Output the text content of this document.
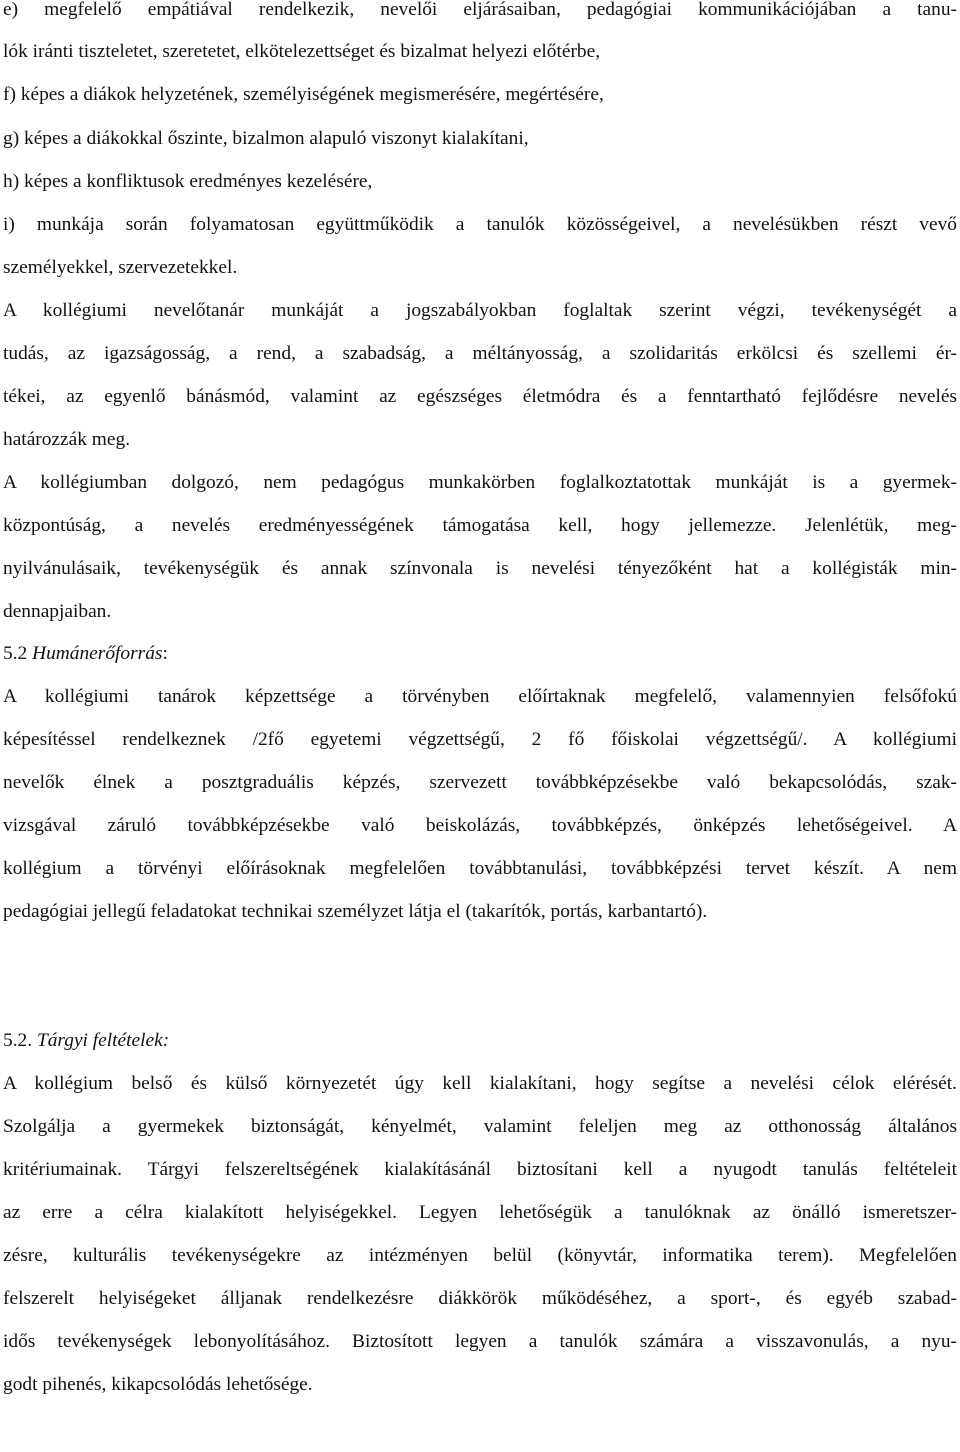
e) megfelelő empátiával rendelkezik, nevelői eljárásaiban, pedagógiai kommunikációjában a tanu-

lók iránti tiszteletet, szeretetet, elkötelezettséget és bizalmat helyezi előtérbe,

f) képes a diákok helyzetének, személyiségének megismerésére, megértésére,

g) képes a diákokkal őszinte, bizalmon alapuló viszonyt kialakítani,

h) képes a konfliktusok eredményes kezelésére,

i) munkája során folyamatosan együttműködik a tanulók közösségeivel, a nevelésükben részt vevő

személyekkel, szervezetekkel.

A kollégiumi nevelőtanár munkáját a jogszabályokban foglaltak szerint végzi, tevékenységét a

tudás, az igazságosság, a rend, a szabadság, a méltányosság, a szolidaritás erkölcsi és szellemi ér-

tékei, az egyenlő bánásmód, valamint az egészséges életmódra és a fenntartható fejlődésre nevelés

határozzák meg.

A kollégiumban dolgozó, nem pedagógus munkakörben foglalkoztatottak munkáját is a gyermek-

központúság, a nevelés eredményességének támogatása kell, hogy jellemezze. Jelenlétük, meg-

nyilvánulásaik, tevékenységük és annak színvonala is nevelési tényezőként hat a kollégisták min-

dennapjaiban.

5.2 Humánerőforrás:

A kollégiumi tanárok képzettsége a törvényben előírtaknak megfelelő, valamennyien felsőfokú

képesítéssel rendelkeznek /2fő egyetemi végzettségű, 2 fő főiskolai végzettségű/. A kollégiumi

nevelők élnek a posztgraduális képzés, szervezett továbbképzésekbe való bekapcsolódás, szak-

vizsgával záruló továbbképzésekbe való beiskolázás, továbbképzés, önképzés lehetőségeivel. A

kollégium a törvényi előírásoknak megfelelően továbbtanulási, továbbképzési tervet készít. A nem

pedagógiai jellegű feladatokat technikai személyzet látja el (takarítók, portás, karbantartó).

5.2. Tárgyi feltételek:

A kollégium belső és külső környezetét úgy kell kialakítani, hogy segítse a nevelési célok elérését.

Szolgálja a gyermekek biztonságát, kényelmét, valamint feleljen meg az otthonosság általános

kritériumainak. Tárgyi felszereltségének kialakításánál biztosítani kell a nyugodt tanulás feltételeit

az erre a célra kialakított helyiségekkel. Legyen lehetőségük a tanulóknak az önálló ismeretszer-

zésre, kulturális tevékenységekre az intézményen belül (könyvtár, informatika terem). Megfelelően

felszerelt helyiségeket álljanak rendelkezésre diákkörök működéséhez, a sport-, és egyéb szabad-

idős tevékenységek lebonyolításához. Biztosított legyen a tanulók számára a visszavonulás, a nyu-

godt pihenés, kikapcsolódás lehetősége.
